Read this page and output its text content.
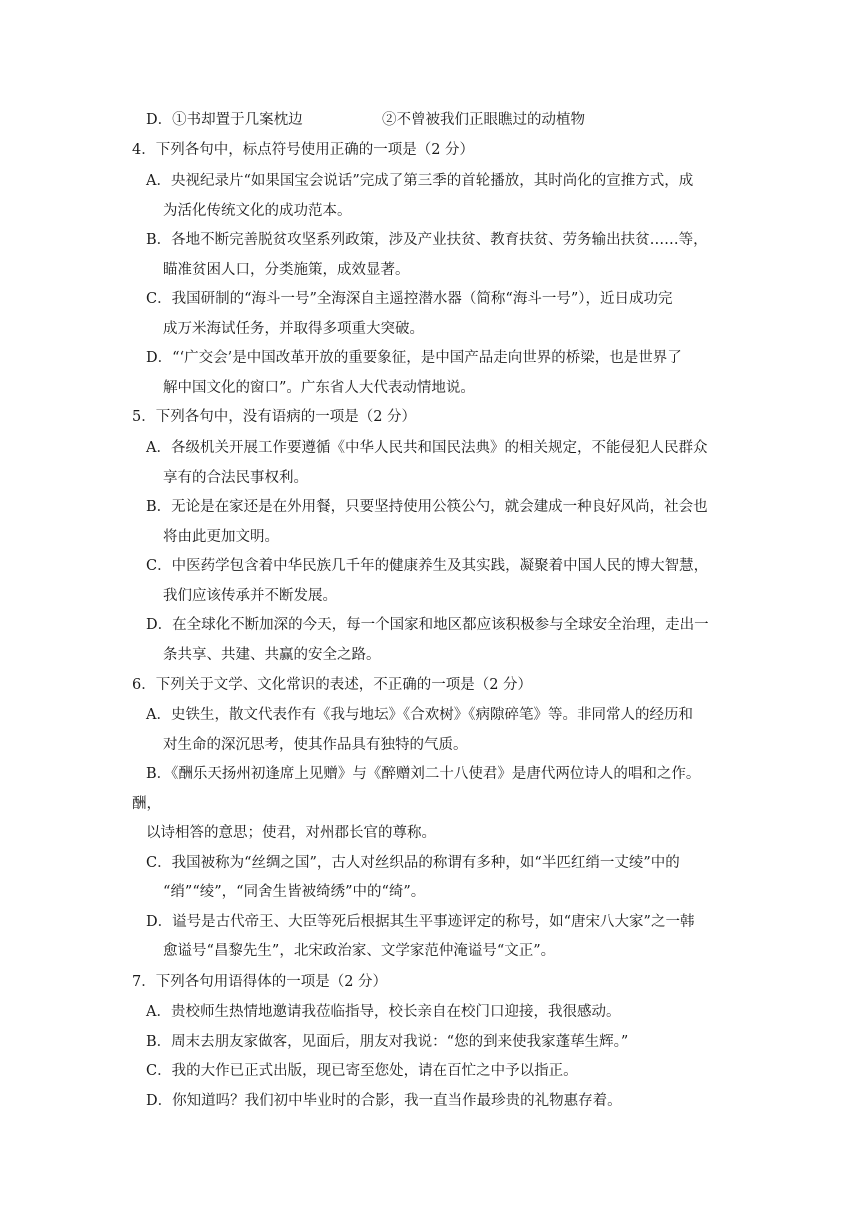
D．①书却置于几案枕边	②不曾被我们正眼瞧过的动植物
4．下列各句中，标点符号使用正确的一项是（2 分）
A．央视纪录片“如果国宝会说话”完成了第三季的首轮播放，其时尚化的宣推方式，成
为活化传统文化的成功范本。
B．各地不断完善脱贫攻坚系列政策，涉及产业扶贫、教育扶贫、劳务输出扶贫……等，
瞄准贫困人口，分类施策，成效显著。
C．我国研制的“海斗一号”全海深自主遥控潜水器（简称“海斗一号”），近日成功完
成万米海试任务，并取得多项重大突破。
D．“‘广交会’是中国改革开放的重要象征，是中国产品走向世界的桥梁，也是世界了
解中国文化的窗口”。广东省人大代表动情地说。
5．下列各句中，没有语病的一项是（2 分）
A．各级机关开展工作要遵循《中华人民共和国民法典》的相关规定，不能侵犯人民群众
享有的合法民事权利。
B．无论是在家还是在外用餐，只要坚持使用公筷公勺，就会建成一种良好风尚，社会也
将由此更加文明。
C．中医药学包含着中华民族几千年的健康养生及其实践，凝聚着中国人民的博大智慧，
我们应该传承并不断发展。
D．在全球化不断加深的今天，每一个国家和地区都应该积极参与全球安全治理，走出一
条共享、共建、共赢的安全之路。
6．下列关于文学、文化常识的表述，不正确的一项是（2 分）
A．史铁生，散文代表作有《我与地坛》《合欢树》《病隙碎笔》等。非同常人的经历和
对生命的深沉思考，使其作品具有独特的气质。
B．《酬乐天扬州初逢席上见赠》与《醉赠刘二十八使君》是唐代两位诗人的唱和之作。
酬，
以诗相答的意思；使君，对州郡长官的尊称。
C．我国被称为“丝绸之国”，古人对丝织品的称谓有多种，如“半匹红绡一丈绫”中的
“绡”“绫”，“同舍生皆被绮绣”中的“绮”。
D．谥号是古代帝王、大臣等死后根据其生平事迹评定的称号，如“唐宋八大家”之一韩
愈谥号“昌黎先生”，北宋政治家、文学家范仲淹谥号“文正”。
7．下列各句用语得体的一项是（2 分）
A．贵校师生热情地邀请我莅临指导，校长亲自在校门口迎接，我很感动。
B．周末去朋友家做客，见面后，朋友对我说：“您的到来使我家蓬荜生辉。”
C．我的大作已正式出版，现已寄至您处，请在百忙之中予以指正。
D．你知道吗？我们初中毕业时的合影，我一直当作最珍贵的礼物惠存着。
